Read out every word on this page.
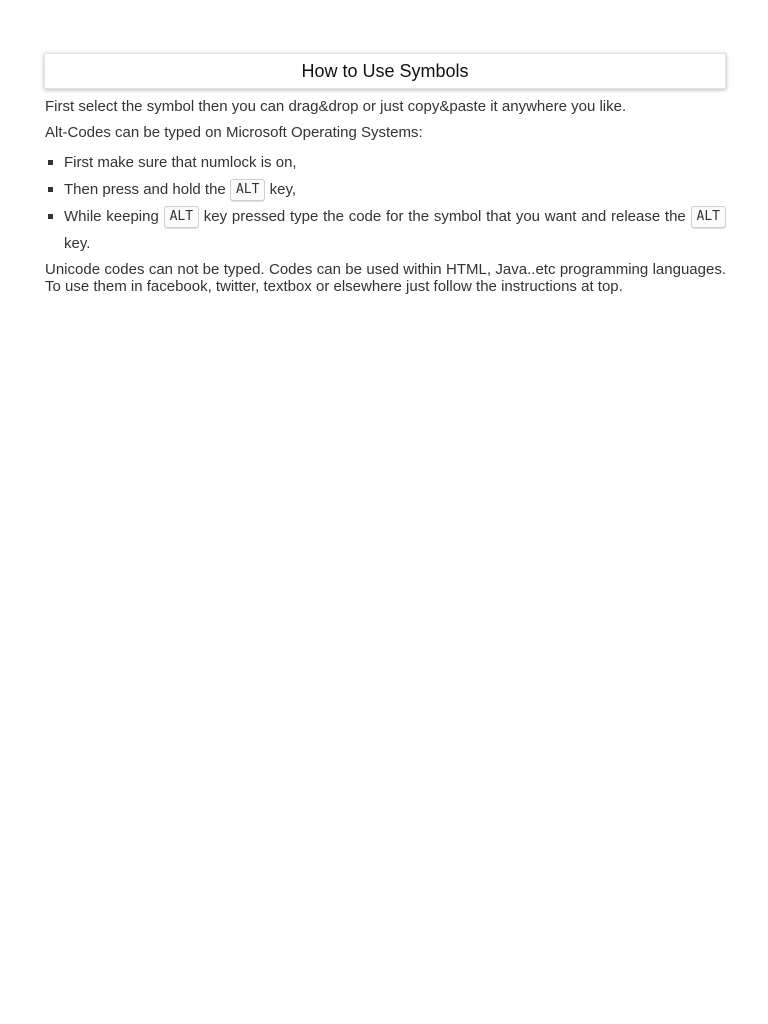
How to Use Symbols

First select the symbol then you can drag&drop or just copy&paste it anywhere you like.

Alt-Codes can be typed on Microsoft Operating Systems:

First make sure that numlock is on,
Then press and hold the ALT key,
While keeping ALT key pressed type the code for the symbol that you want and release the ALT key.

Unicode codes can not be typed. Codes can be used within HTML, Java..etc programming languages. To use them in facebook, twitter, textbox or elsewhere just follow the instructions at top.
